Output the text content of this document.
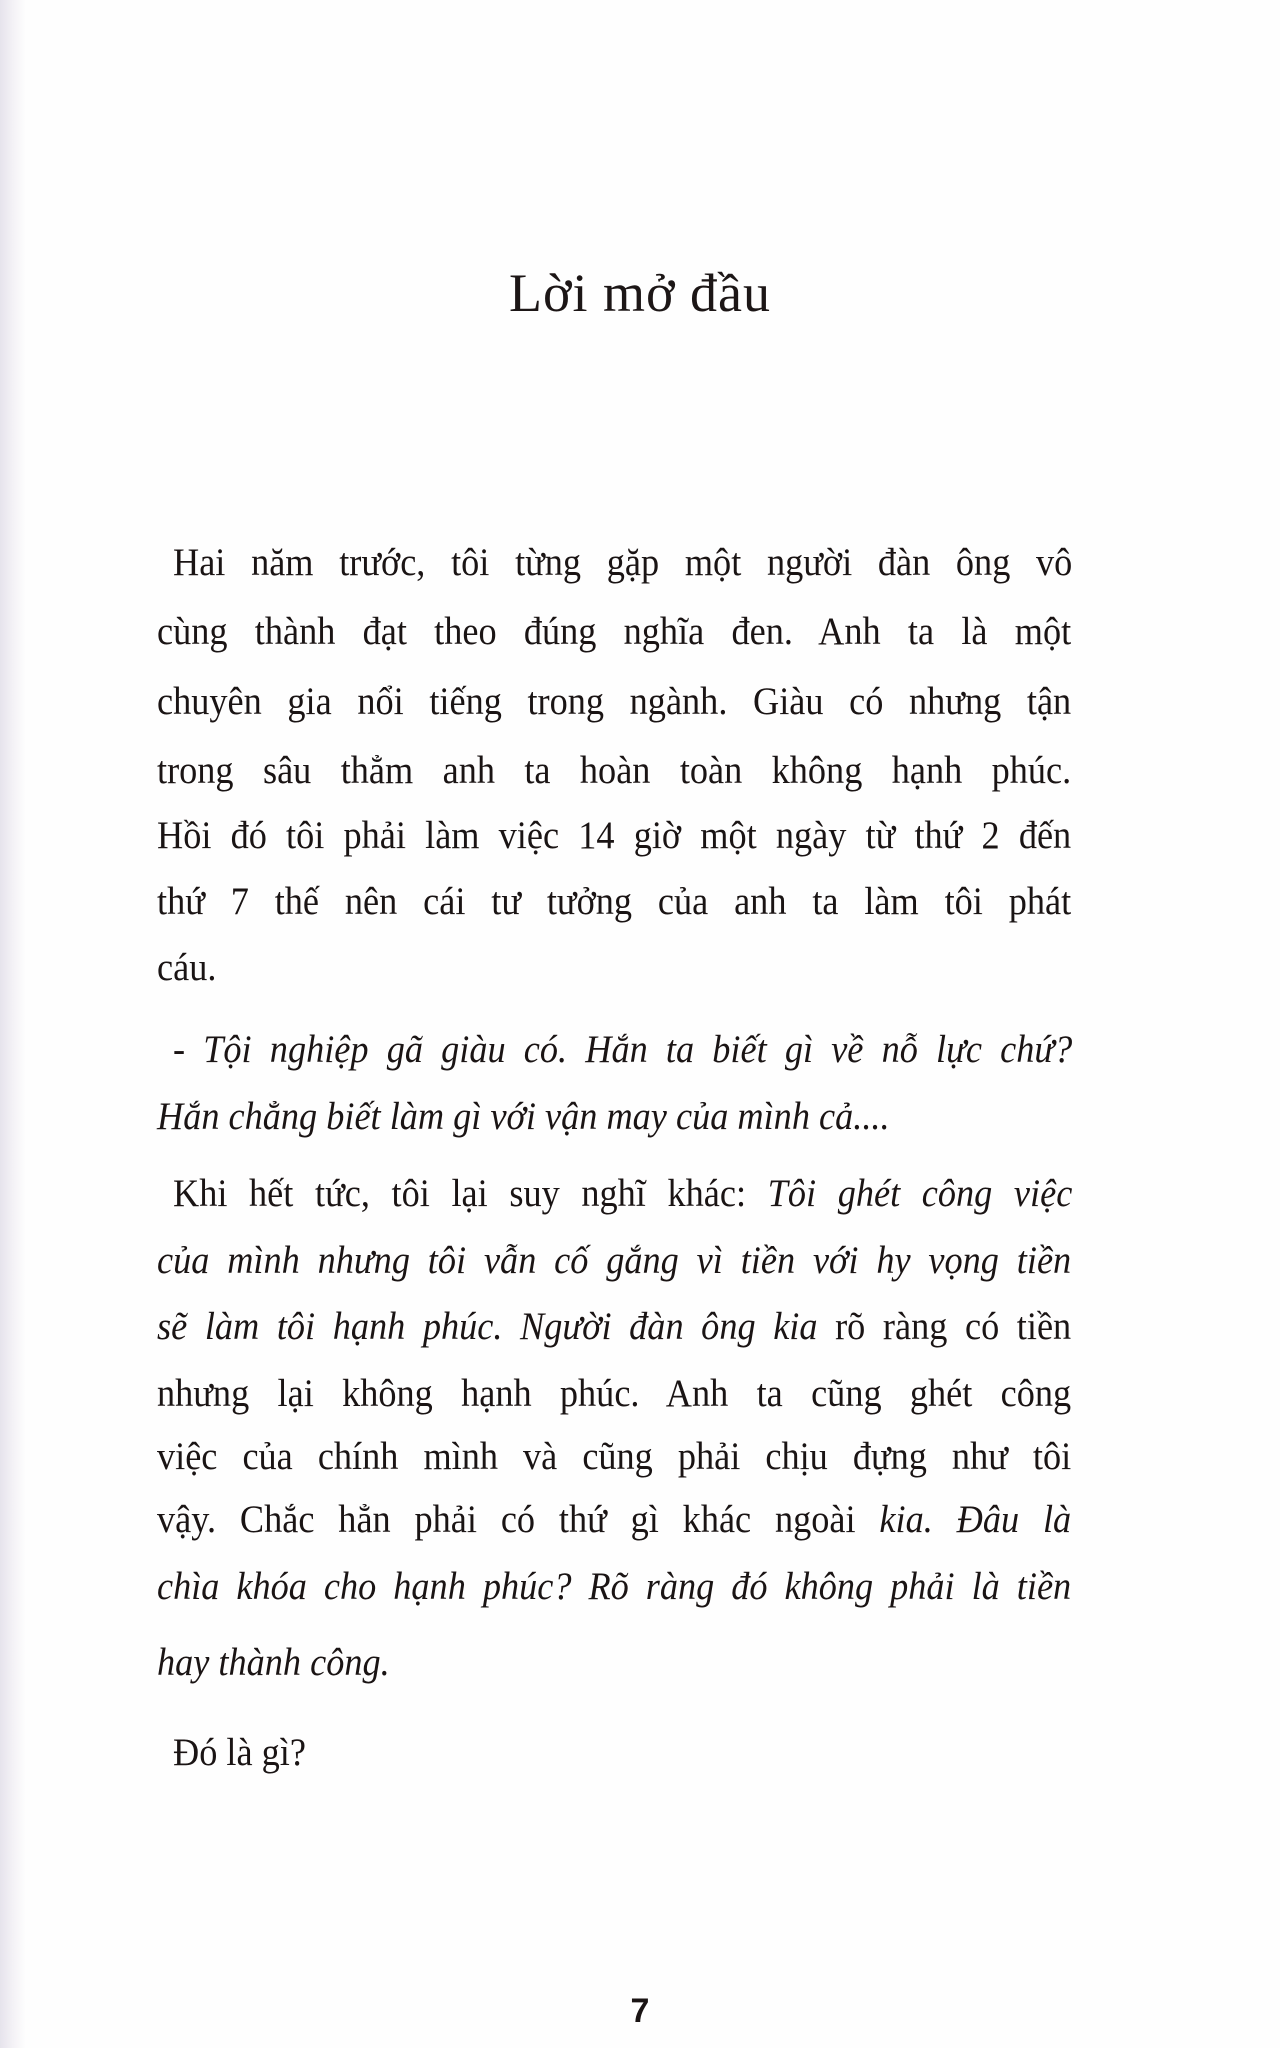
Lời mở đầu
Hai năm trước, tôi từng gặp một người đàn ông vô
cùng thành đạt theo đúng nghĩa đen. Anh ta là một
chuyên gia nổi tiếng trong ngành. Giàu có nhưng tận
trong sâu thẳm anh ta hoàn toàn không hạnh phúc.
Hồi đó tôi phải làm việc 14 giờ một ngày từ thứ 2 đến
thứ 7 thế nên cái tư tưởng của anh ta làm tôi phát
cáu.
- Tội nghiệp gã giàu có. Hắn ta biết gì về nỗ lực chứ?
Hắn chẳng biết làm gì với vận may của mình cả....
Khi hết tức, tôi lại suy nghĩ khác: Tôi ghét công việc
của mình nhưng tôi vẫn cố gắng vì tiền với hy vọng tiền
sẽ làm tôi hạnh phúc. Người đàn ông kia rõ ràng có tiền
nhưng lại không hạnh phúc. Anh ta cũng ghét công
việc của chính mình và cũng phải chịu đựng như tôi
vậy. Chắc hẳn phải có thứ gì khác ngoài kia. Đâu là
chìa khóa cho hạnh phúc? Rõ ràng đó không phải là tiền
hay thành công.
Đó là gì?
7
